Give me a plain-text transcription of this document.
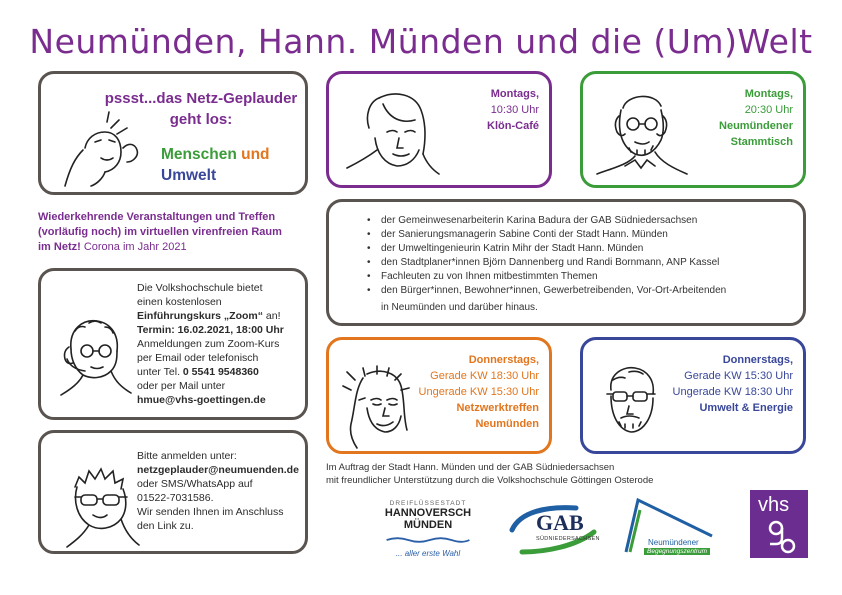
Neumünden, Hann. Münden und die (Um)Welt
pssst...das Netz-Geplauder
geht los:
Menschen und
Umwelt
Wiederkehrende Veranstaltungen und Treffen
(vorläufig noch) im virtuellen virenfreien Raum
im Netz! Corona im Jahr 2021
Die Volkshochschule bietet
einen kostenlosen
Einführungskurs „Zoom“ an!
Termin: 16.02.2021, 18:00 Uhr
Anmeldungen zum Zoom-Kurs
per Email oder telefonisch
unter Tel. 0 5541 9548360
oder per Mail unter
hmue@vhs-goettingen.de
Bitte anmelden unter:
netzgeplauder@neumuenden.de
oder SMS/WhatsApp auf
01522-7031586.
Wir senden Ihnen im Anschluss
den Link zu.
Montags,
10:30 Uhr
Klön-Café
Montags,
20:30 Uhr
Neumündener
Stammtisch
• der Gemeinwesenarbeiterin Karina Badura der GAB Südniedersachsen
• der Sanierungsmanagerin Sabine Conti der Stadt Hann. Münden
• der Umweltingenieurin Katrin Mihr der Stadt Hann. Münden
• den Stadtplaner*innen Björn Dannenberg und Randi Bornmann, ANP Kassel
• Fachleuten zu von Ihnen mitbestimmten Themen
• den Bürger*innen, Bewohner*innen, Gewerbetreibenden, Vor-Ort-Arbeitenden
in Neumünden und darüber hinaus.
Donnerstags,
Gerade KW 18:30 Uhr
Ungerade KW 15:30 Uhr
Netzwerktreffen
Neumünden
Donnerstags,
Gerade KW 15:30 Uhr
Ungerade KW 18:30 Uhr
Umwelt & Energie
Im Auftrag der Stadt Hann. Münden und der GAB Südniedersachsen
mit freundlicher Unterstützung durch die Volkshochschule Göttingen Osterode
DREIFLÜSSESTADT
HANNOVERSCH
MÜNDEN
... aller erste Wahl
GAB
SÜDNIEDERSACHSEN	Neumündener
Begegnungszentrum
vhs
